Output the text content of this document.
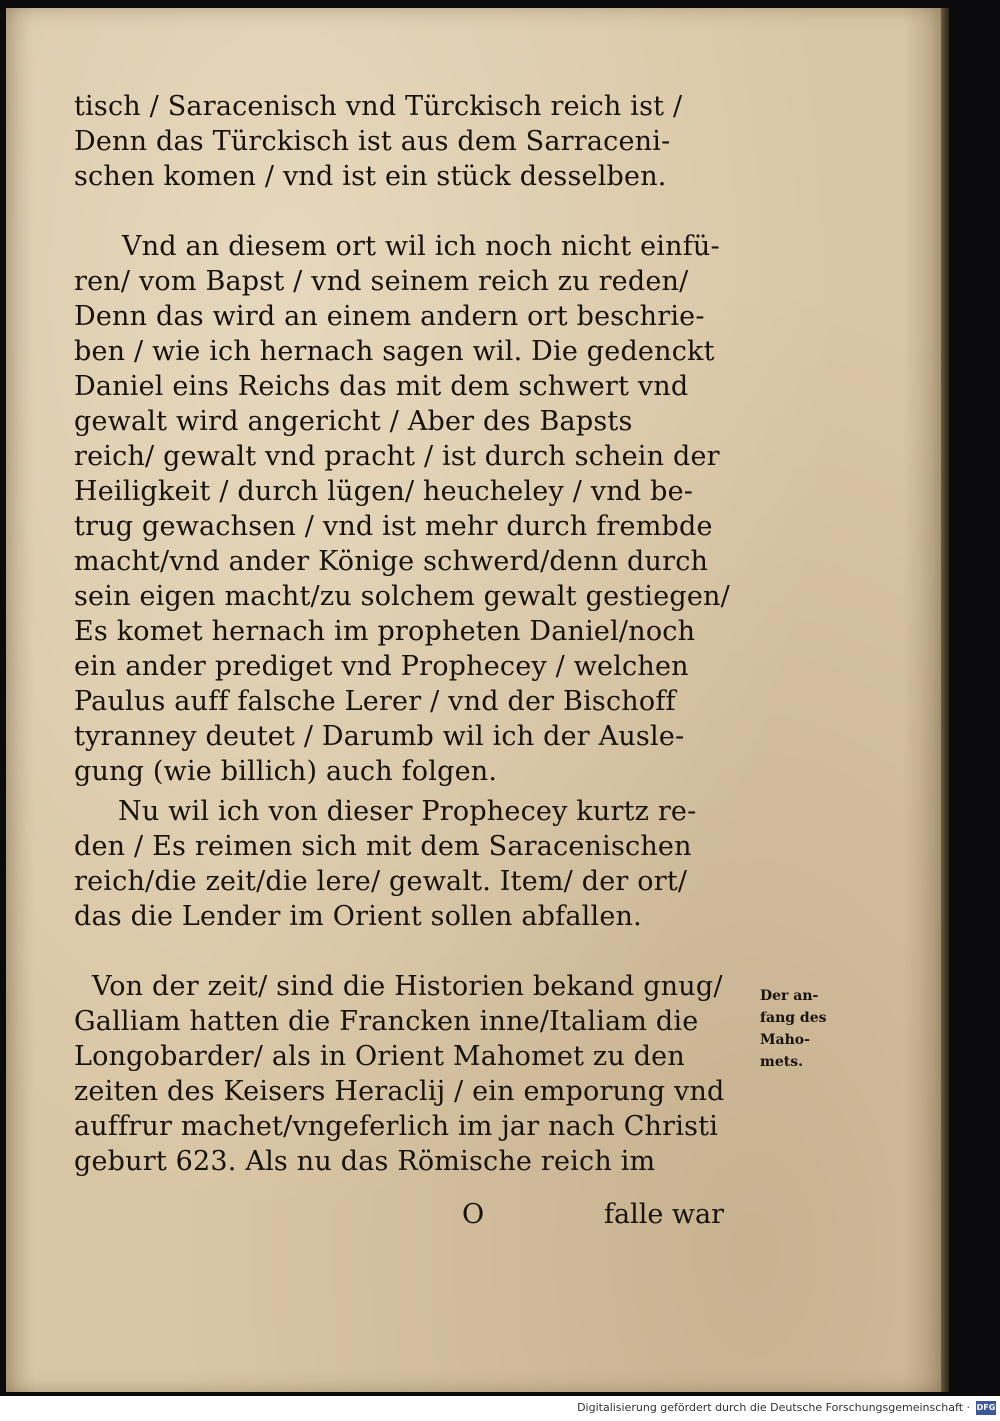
tisch / Saracenisch vnd Türckisch reich ist /

Denn das Türckisch ist aus dem Sarraceni-

schen komen / vnd ist ein stück desselben.

Vnd an diesem ort wil ich noch nicht einfü-

ren/ vom Bapst / vnd seinem reich zu reden/

Denn das wird an einem andern ort beschrie-

ben / wie ich hernach sagen wil. Die gedenckt

Daniel eins Reichs das mit dem schwert vnd

gewalt wird angericht / Aber des Bapsts

reich/ gewalt vnd pracht / ist durch schein der

Heiligkeit / durch lügen/ heucheley / vnd be-

trug gewachsen / vnd ist mehr durch frembde

macht/vnd ander Könige schwerd/denn durch

sein eigen macht/zu solchem gewalt gestiegen/

Es komet hernach im propheten Daniel/noch

ein ander prediget vnd Prophecey / welchen

Paulus auff falsche Lerer / vnd der Bischoff

tyranney deutet / Darumb wil ich der Ausle-

gung (wie billich) auch folgen.

Nu wil ich von dieser Prophecey kurtz re-

den / Es reimen sich mit dem Saracenischen

reich/die zeit/die lere/ gewalt. Item/ der ort/

das die Lender im Orient sollen abfallen.

Von der zeit/ sind die Historien bekand gnug/

Galliam hatten die Francken inne/Italiam die

Longobarder/ als in Orient Mahomet zu den

zeiten des Keisers Heraclij / ein emporung vnd

auffrur machet/vngeferlich im jar nach Christi

geburt 623. Als nu das Römische reich im

Der an-

fang des

Maho-

mets.

O	falle war
Digitalisierung gefördert durch die Deutsche Forschungsgemeinschaft · DFG
